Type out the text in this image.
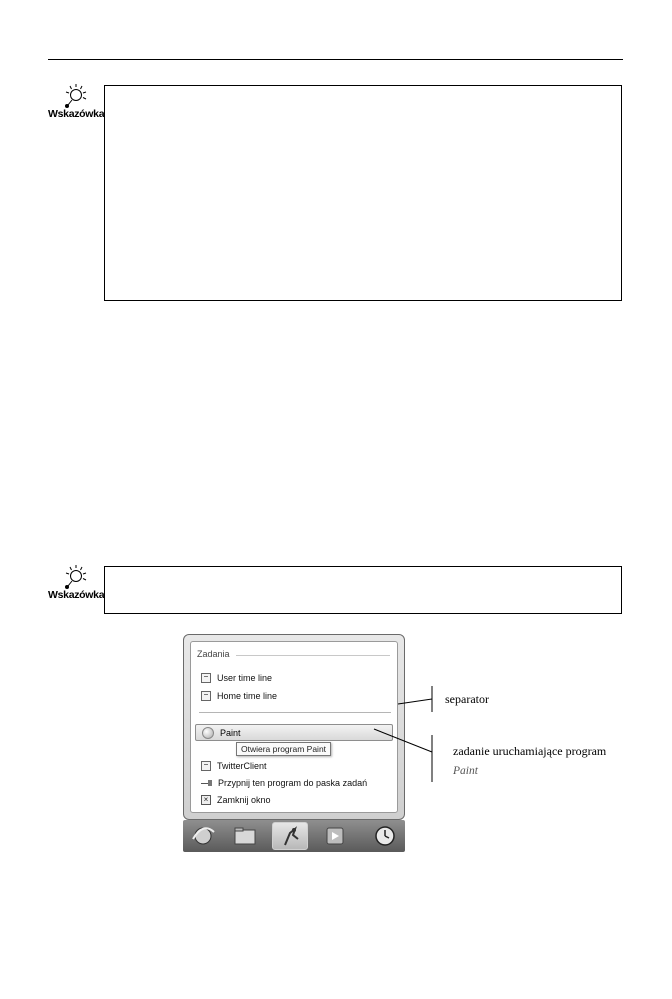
Wskazówka
Wskazówka
Zadania
User time line
Home time line
Paint
Otwiera program Paint
TwitterClient
Przypnij ten program do paska zadań
× Zamknij okno
separator
zadanie uruchamiające program
Paint
